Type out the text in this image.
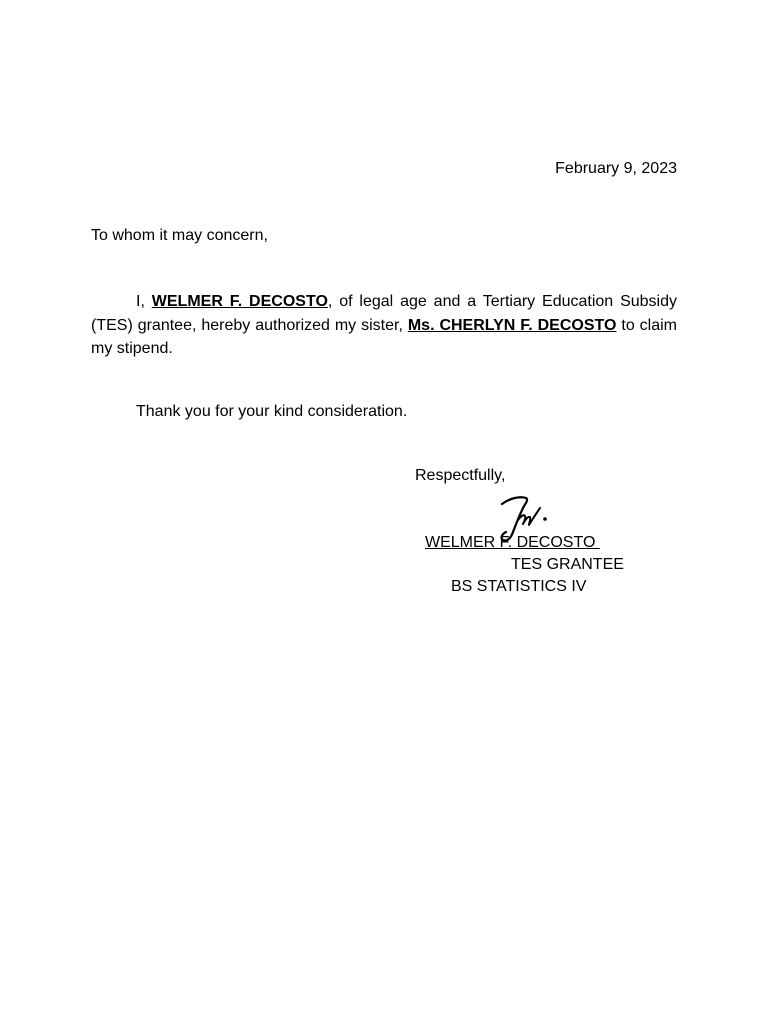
February 9, 2023

To whom it may concern,

I, WELMER F. DECOSTO, of legal age and a Tertiary Education Subsidy (TES) grantee, hereby authorized my sister, Ms. CHERLYN F. DECOSTO to claim my stipend.

Thank you for your kind consideration.

Respectfully,

WELMER F. DECOSTO

TES GRANTEE

BS STATISTICS IV
